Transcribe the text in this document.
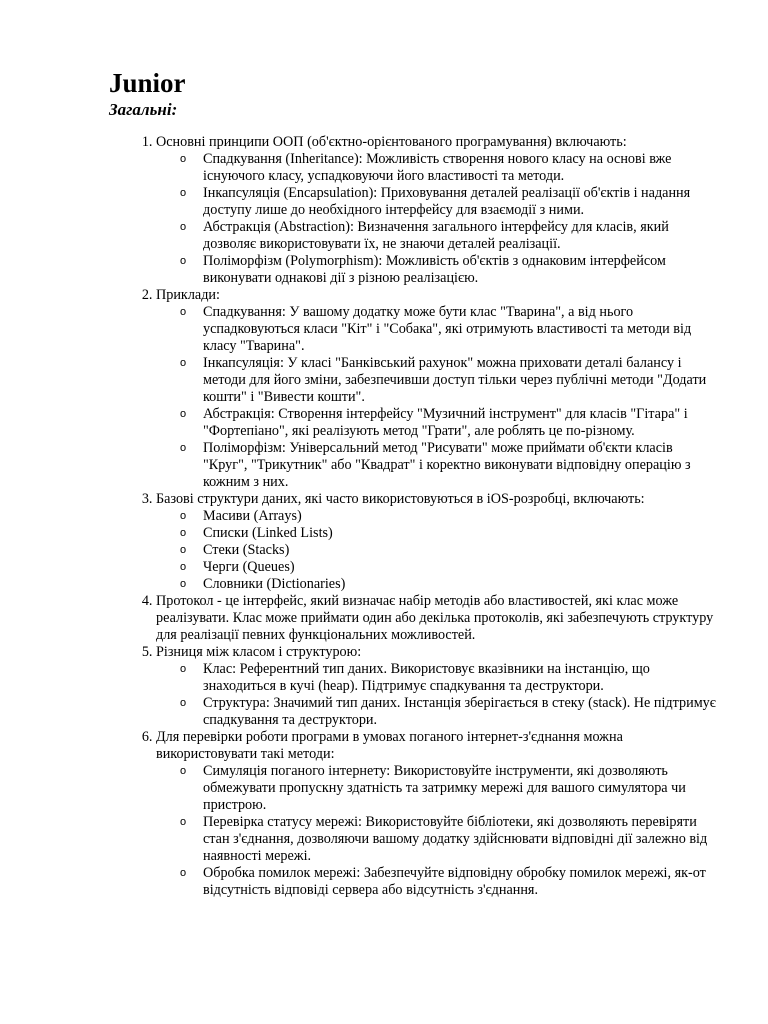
Junior
Загальні:
1. Основні принципи ООП (об'єктно-орієнтованого програмування) включають:
o Спадкування (Inheritance): Можливість створення нового класу на основі вже існуючого класу, успадковуючи його властивості та методи.
o Інкапсуляція (Encapsulation): Приховування деталей реалізації об'єктів і надання доступу лише до необхідного інтерфейсу для взаємодії з ними.
o Абстракція (Abstraction): Визначення загального інтерфейсу для класів, який дозволяє використовувати їх, не знаючи деталей реалізації.
o Поліморфізм (Polymorphism): Можливість об'єктів з однаковим інтерфейсом виконувати однакові дії з різною реалізацією.
2. Приклади:
o Спадкування: У вашому додатку може бути клас "Тварина", а від нього успадковуються класи "Кіт" і "Собака", які отримують властивості та методи від класу "Тварина".
o Інкапсуляція: У класі "Банківський рахунок" можна приховати деталі балансу і методи для його зміни, забезпечивши доступ тільки через публічні методи "Додати кошти" і "Вивести кошти".
o Абстракція: Створення інтерфейсу "Музичний інструмент" для класів "Гітара" і "Фортепіано", які реалізують метод "Грати", але роблять це по-різному.
o Поліморфізм: Універсальний метод "Рисувати" може приймати об'єкти класів "Круг", "Трикутник" або "Квадрат" і коректно виконувати відповідну операцію з кожним з них.
3. Базові структури даних, які часто використовуються в iOS-розробці, включають:
o Масиви (Arrays)
o Списки (Linked Lists)
o Стеки (Stacks)
o Черги (Queues)
o Словники (Dictionaries)
4. Протокол - це інтерфейс, який визначає набір методів або властивостей, які клас може реалізувати. Клас може приймати один або декілька протоколів, які забезпечують структуру для реалізації певних функціональних можливостей.
5. Різниця між класом і структурою:
o Клас: Референтний тип даних. Використовує вказівники на інстанцію, що знаходиться в кучі (heap). Підтримує спадкування та деструктори.
o Структура: Значимий тип даних. Інстанція зберігається в стеку (stack). Не підтримує спадкування та деструктори.
6. Для перевірки роботи програми в умовах поганого інтернет-з'єднання можна використовувати такі методи:
o Симуляція поганого інтернету: Використовуйте інструменти, які дозволяють обмежувати пропускну здатність та затримку мережі для вашого симулятора чи пристрою.
o Перевірка статусу мережі: Використовуйте бібліотеки, які дозволяють перевіряти стан з'єднання, дозволяючи вашому додатку здійснювати відповідні дії залежно від наявності мережі.
o Обробка помилок мережі: Забезпечуйте відповідну обробку помилок мережі, як-от відсутність відповіді сервера або відсутність з'єднання.
